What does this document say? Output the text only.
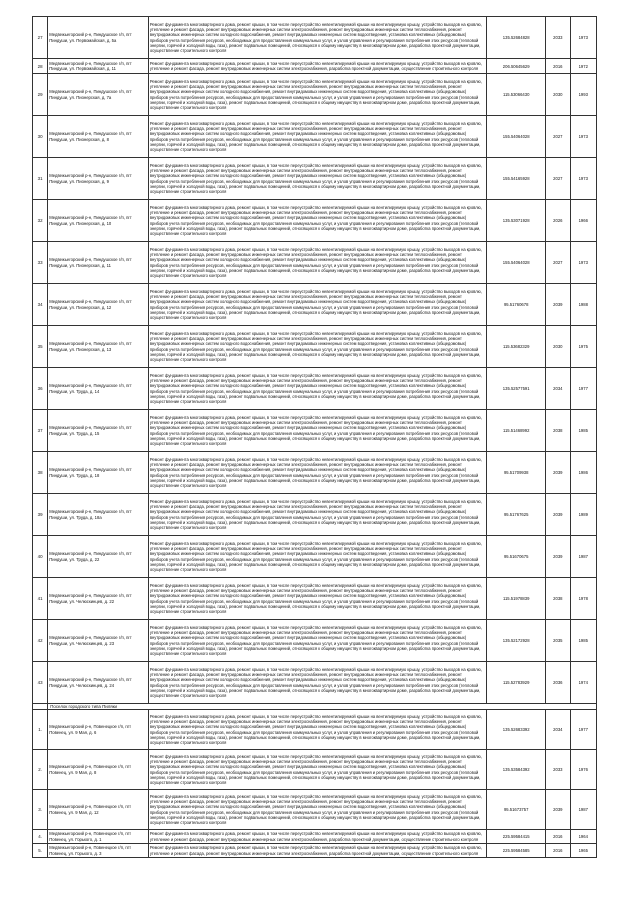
27	Медвежьегорский р-н, Пиндушское г/п, пгт Пиндуши, ул. Первомайская, д. 5а	Ремонт фундамента многоквартирного дома, ремонт крыши, в том числе переустройство невентилируемой крыши на вентилируемую крышу, устройство выходов на кровлю, утепление и ремонт фасада, ремонт внутридомовых инженерных систем электроснабжения, ремонт внутридомовых инженерных систем теплоснабжения, ремонт внутридомовых инженерных систем холодного водоснабжения, ремонт внутридомовых инженерных систем водоотведения, установка коллективных (общедомовых) приборов учета потребления ресурсов, необходимых для предоставления коммунальных услуг, и узлов управления и регулирования потребления этих ресурсов (тепловой энергии, горячей и холодной воды, газа), ремонт подвальных помещений, относящихся к общему имуществу в многоквартирном доме, разработка проектной документации, осуществление строительного контроля	135.52684828	2033	1973
28	Медвежьегорский р-н, Пиндушское г/п, пгт Пиндуши, ул. Первомайская, д. 11	Ремонт фундамента многоквартирного дома, ремонт крыши, в том числе переустройство невентилируемой крыши на вентилируемую крышу, устройство выходов на кровлю, утепление и ремонт фасада, ремонт внутридомовых инженерных систем электроснабжения, разработка проектной документации, осуществление строительного контроля	206.50645629	2016	1972
29	Медвежьегорский р-н, Пиндушское г/п, пгт Пиндуши, ул. Пионерская, д. 7а	Ремонт фундамента многоквартирного дома, ремонт крыши, в том числе переустройство невентилируемой крыши на вентилируемую крышу, устройство выходов на кровлю, утепление и ремонт фасада, ремонт внутридомовых инженерных систем электроснабжения, ремонт внутридомовых инженерных систем теплоснабжения, ремонт внутридомовых инженерных систем холодного водоснабжения, ремонт внутридомовых инженерных систем водоотведения, установка коллективных (общедомовых) приборов учета потребления ресурсов, необходимых для предоставления коммунальных услуг, и узлов управления и регулирования потребления этих ресурсов (тепловой энергии, горячей и холодной воды, газа), ремонт подвальных помещений, относящихся к общему имуществу в многоквартирном доме, разработка проектной документации, осуществление строительного контроля	115.53066430	2030	1993
30	Медвежьегорский р-н, Пиндушское г/п, пгт Пиндуши, ул. Пионерская, д. 8	Ремонт фундамента многоквартирного дома, ремонт крыши, в том числе переустройство невентилируемой крыши на вентилируемую крышу, устройство выходов на кровлю, утепление и ремонт фасада, ремонт внутридомовых инженерных систем электроснабжения, ремонт внутридомовых инженерных систем теплоснабжения, ремонт внутридомовых инженерных систем холодного водоснабжения, ремонт внутридомовых инженерных систем водоотведения, установка коллективных (общедомовых) приборов учета потребления ресурсов, необходимых для предоставления коммунальных услуг, и узлов управления и регулирования потребления этих ресурсов (тепловой энергии, горячей и холодной воды, газа), ремонт подвальных помещений, относящихся к общему имуществу в многоквартирном доме, разработка проектной документации, осуществление строительного контроля	155.54064028	2027	1973
31	Медвежьегорский р-н, Пиндушское г/п, пгт Пиндуши, ул. Пионерская, д. 9	Ремонт фундамента многоквартирного дома, ремонт крыши, в том числе переустройство невентилируемой крыши на вентилируемую крышу, устройство выходов на кровлю, утепление и ремонт фасада, ремонт внутридомовых инженерных систем электроснабжения, ремонт внутридомовых инженерных систем теплоснабжения, ремонт внутридомовых инженерных систем холодного водоснабжения, ремонт внутридомовых инженерных систем водоотведения, установка коллективных (общедомовых) приборов учета потребления ресурсов, необходимых для предоставления коммунальных услуг, и узлов управления и регулирования потребления этих ресурсов (тепловой энергии, горячей и холодной воды, газа), ремонт подвальных помещений, относящихся к общему имуществу в многоквартирном доме, разработка проектной документации, осуществление строительного контроля	155.54165928	2027	1973
32	Медвежьегорский р-н, Пиндушское г/п, пгт Пиндуши, ул. Пионерская, д. 10	Ремонт фундамента многоквартирного дома, ремонт крыши, в том числе переустройство невентилируемой крыши на вентилируемую крышу, устройство выходов на кровлю, утепление и ремонт фасада, ремонт внутридомовых инженерных систем электроснабжения, ремонт внутридомовых инженерных систем теплоснабжения, ремонт внутридомовых инженерных систем холодного водоснабжения, ремонт внутридомовых инженерных систем водоотведения, установка коллективных (общедомовых) приборов учета потребления ресурсов, необходимых для предоставления коммунальных услуг, и узлов управления и регулирования потребления этих ресурсов (тепловой энергии, горячей и холодной воды, газа), ремонт подвальных помещений, относящихся к общему имуществу в многоквартирном доме, разработка проектной документации, осуществление строительного контроля	135.53071928	2026	1966
33	Медвежьегорский р-н, Пиндушское г/п, пгт Пиндуши, ул. Пионерская, д. 11	Ремонт фундамента многоквартирного дома, ремонт крыши, в том числе переустройство невентилируемой крыши на вентилируемую крышу, устройство выходов на кровлю, утепление и ремонт фасада, ремонт внутридомовых инженерных систем электроснабжения, ремонт внутридомовых инженерных систем теплоснабжения, ремонт внутридомовых инженерных систем холодного водоснабжения, ремонт внутридомовых инженерных систем водоотведения, установка коллективных (общедомовых) приборов учета потребления ресурсов, необходимых для предоставления коммунальных услуг, и узлов управления и регулирования потребления этих ресурсов (тепловой энергии, горячей и холодной воды, газа), ремонт подвальных помещений, относящихся к общему имуществу в многоквартирном доме, разработка проектной документации, осуществление строительного контроля	155.54064028	2027	1973
34	Медвежьегорский р-н, Пиндушское г/п, пгт Пиндуши, ул. Пионерская, д. 12	Ремонт фундамента многоквартирного дома, ремонт крыши, в том числе переустройство невентилируемой крыши на вентилируемую крышу, устройство выходов на кровлю, утепление и ремонт фасада, ремонт внутридомовых инженерных систем электроснабжения, ремонт внутридомовых инженерных систем теплоснабжения, ремонт внутридомовых инженерных систем холодного водоснабжения, ремонт внутридомовых инженерных систем водоотведения, установка коллективных (общедомовых) приборов учета потребления ресурсов, необходимых для предоставления коммунальных услуг, и узлов управления и регулирования потребления этих ресурсов (тепловой энергии, горячей и холодной воды, газа), ремонт подвальных помещений, относящихся к общему имуществу в многоквартирном доме, разработка проектной документации, осуществление строительного контроля	95.51760678	2039	1988
35	Медвежьегорский р-н, Пиндушское г/п, пгт Пиндуши, ул. Пионерская, д. 13	Ремонт фундамента многоквартирного дома, ремонт крыши, в том числе переустройство невентилируемой крыши на вентилируемую крышу, устройство выходов на кровлю, утепление и ремонт фасада, ремонт внутридомовых инженерных систем электроснабжения, ремонт внутридомовых инженерных систем теплоснабжения, ремонт внутридомовых инженерных систем холодного водоснабжения, ремонт внутридомовых инженерных систем водоотведения, установка коллективных (общедомовых) приборов учета потребления ресурсов, необходимых для предоставления коммунальных услуг, и узлов управления и регулирования потребления этих ресурсов (тепловой энергии, горячей и холодной воды, газа), ремонт подвальных помещений, относящихся к общему имуществу в многоквартирном доме, разработка проектной документации, осуществление строительного контроля	115.53682329	2030	1975
36	Медвежьегорский р-н, Пиндушское г/п, пгт Пиндуши, ул. Труда, д. 14	Ремонт фундамента многоквартирного дома, ремонт крыши, в том числе переустройство невентилируемой крыши на вентилируемую крышу, устройство выходов на кровлю, утепление и ремонт фасада, ремонт внутридомовых инженерных систем электроснабжения, ремонт внутридомовых инженерных систем теплоснабжения, ремонт внутридомовых инженерных систем холодного водоснабжения, ремонт внутридомовых инженерных систем водоотведения, установка коллективных (общедомовых) приборов учета потребления ресурсов, необходимых для предоставления коммунальных услуг, и узлов управления и регулирования потребления этих ресурсов (тепловой энергии, горячей и холодной воды, газа), ремонт подвальных помещений, относящихся к общему имуществу в многоквартирном доме, разработка проектной документации, осуществление строительного контроля	135.52577591	2034	1977
37	Медвежьегорский р-н, Пиндушское г/п, пгт Пиндуши, ул. Труда, д. 15	Ремонт фундамента многоквартирного дома, ремонт крыши, в том числе переустройство невентилируемой крыши на вентилируемую крышу, устройство выходов на кровлю, утепление и ремонт фасада, ремонт внутридомовых инженерных систем электроснабжения, ремонт внутридомовых инженерных систем теплоснабжения, ремонт внутридомовых инженерных систем холодного водоснабжения, ремонт внутридомовых инженерных систем водоотведения, установка коллективных (общедомовых) приборов учета потребления ресурсов, необходимых для предоставления коммунальных услуг, и узлов управления и регулирования потребления этих ресурсов (тепловой энергии, горячей и холодной воды, газа), ремонт подвальных помещений, относящихся к общему имуществу в многоквартирном доме, разработка проектной документации, осуществление строительного контроля	115.51468992	2038	1985
38	Медвежьегорский р-н, Пиндушское г/п, пгт Пиндуши, ул. Труда, д. 18	Ремонт фундамента многоквартирного дома, ремонт крыши, в том числе переустройство невентилируемой крыши на вентилируемую крышу, устройство выходов на кровлю, утепление и ремонт фасада, ремонт внутридомовых инженерных систем электроснабжения, ремонт внутридомовых инженерных систем теплоснабжения, ремонт внутридомовых инженерных систем холодного водоснабжения, ремонт внутридомовых инженерных систем водоотведения, установка коллективных (общедомовых) приборов учета потребления ресурсов, необходимых для предоставления коммунальных услуг, и узлов управления и регулирования потребления этих ресурсов (тепловой энергии, горячей и холодной воды, газа), ремонт подвальных помещений, относящихся к общему имуществу в многоквартирном доме, разработка проектной документации, осуществление строительного контроля	95.51709938	2039	1986
39	Медвежьегорский р-н, Пиндушское г/п, пгт Пиндуши, ул. Труда, д. 18а	Ремонт фундамента многоквартирного дома, ремонт крыши, в том числе переустройство невентилируемой крыши на вентилируемую крышу, устройство выходов на кровлю, утепление и ремонт фасада, ремонт внутридомовых инженерных систем электроснабжения, ремонт внутридомовых инженерных систем теплоснабжения, ремонт внутридомовых инженерных систем холодного водоснабжения, ремонт внутридомовых инженерных систем водоотведения, установка коллективных (общедомовых) приборов учета потребления ресурсов, необходимых для предоставления коммунальных услуг, и узлов управления и регулирования потребления этих ресурсов (тепловой энергии, горячей и холодной воды, газа), ремонт подвальных помещений, относящихся к общему имуществу в многоквартирном доме, разработка проектной документации, осуществление строительного контроля	95.51767625	2039	1989
40	Медвежьегорский р-н, Пиндушское г/п, пгт Пиндуши, ул. Труда, д. 22	Ремонт фундамента многоквартирного дома, ремонт крыши, в том числе переустройство невентилируемой крыши на вентилируемую крышу, устройство выходов на кровлю, утепление и ремонт фасада, ремонт внутридомовых инженерных систем электроснабжения, ремонт внутридомовых инженерных систем теплоснабжения, ремонт внутридомовых инженерных систем холодного водоснабжения, ремонт внутридомовых инженерных систем водоотведения, установка коллективных (общедомовых) приборов учета потребления ресурсов, необходимых для предоставления коммунальных услуг, и узлов управления и регулирования потребления этих ресурсов (тепловой энергии, горячей и холодной воды, газа), ремонт подвальных помещений, относящихся к общему имуществу в многоквартирном доме, разработка проектной документации, осуществление строительного контроля	95.51670675	2039	1987
41	Медвежьегорский р-н, Пиндушское г/п, пгт Пиндуши, ул. Челюскинцев, д. 22	Ремонт фундамента многоквартирного дома, ремонт крыши, в том числе переустройство невентилируемой крыши на вентилируемую крышу, устройство выходов на кровлю, утепление и ремонт фасада, ремонт внутридомовых инженерных систем электроснабжения, ремонт внутридомовых инженерных систем теплоснабжения, ремонт внутридомовых инженерных систем холодного водоснабжения, ремонт внутридомовых инженерных систем водоотведения, установка коллективных (общедомовых) приборов учета потребления ресурсов, необходимых для предоставления коммунальных услуг, и узлов управления и регулирования потребления этих ресурсов (тепловой энергии, горячей и холодной воды, газа), ремонт подвальных помещений, относящихся к общему имуществу в многоквартирном доме, разработка проектной документации, осуществление строительного контроля	115.51978839	2038	1978
42	Медвежьегорский р-н, Пиндушское г/п, пгт Пиндуши, ул. Челюскинцев, д. 23	Ремонт фундамента многоквартирного дома, ремонт крыши, в том числе переустройство невентилируемой крыши на вентилируемую крышу, устройство выходов на кровлю, утепление и ремонт фасада, ремонт внутридомовых инженерных систем электроснабжения, ремонт внутридомовых инженерных систем теплоснабжения, ремонт внутридомовых инженерных систем холодного водоснабжения, ремонт внутридомовых инженерных систем водоотведения, установка коллективных (общедомовых) приборов учета потребления ресурсов, необходимых для предоставления коммунальных услуг, и узлов управления и регулирования потребления этих ресурсов (тепловой энергии, горячей и холодной воды, газа), ремонт подвальных помещений, относящихся к общему имуществу в многоквартирном доме, разработка проектной документации, осуществление строительного контроля	135.52172928	2035	1985
43	Медвежьегорский р-н, Пиндушское г/п, пгт Пиндуши, ул. Челюскинцев, д. 24	Ремонт фундамента многоквартирного дома, ремонт крыши, в том числе переустройство невентилируемой крыши на вентилируемую крышу, устройство выходов на кровлю, утепление и ремонт фасада, ремонт внутридомовых инженерных систем электроснабжения, ремонт внутридомовых инженерных систем теплоснабжения, ремонт внутридомовых инженерных систем холодного водоснабжения, ремонт внутридомовых инженерных систем водоотведения, установка коллективных (общедомовых) приборов учета потребления ресурсов, необходимых для предоставления коммунальных услуг, и узлов управления и регулирования потребления этих ресурсов (тепловой энергии, горячей и холодной воды, газа), ремонт подвальных помещений, относящихся к общему имуществу в многоквартирном доме, разработка проектной документации, осуществление строительного контроля	115.52783929	2036	1974
	Поселок городского типа Пиляки				
1.	Медвежьегорский р-н, Повенецкое г/п, пгт Повенец, ул. 9 Мая, д. 6	Ремонт фундамента многоквартирного дома, ремонт крыши, в том числе переустройство невентилируемой крыши на вентилируемую крышу, устройство выходов на кровлю, утепление и ремонт фасада, ремонт внутридомовых инженерных систем электроснабжения, ремонт внутридомовых инженерных систем теплоснабжения, ремонт внутридомовых инженерных систем холодного водоснабжения, ремонт внутридомовых инженерных систем водоотведения, установка коллективных (общедомовых) приборов учета потребления ресурсов, необходимых для предоставления коммунальных услуг, и узлов управления и регулирования потребления этих ресурсов (тепловой энергии, горячей и холодной воды, газа), ремонт подвальных помещений, относящихся к общему имуществу в многоквартирном доме, разработка проектной документации, осуществление строительного контроля	135.52683392	2034	1977
2.	Медвежьегорский р-н, Повенецкое г/п, пгт Повенец, ул. 9 Мая, д. 8	Ремонт фундамента многоквартирного дома, ремонт крыши, в том числе переустройство невентилируемой крыши на вентилируемую крышу, устройство выходов на кровлю, утепление и ремонт фасада, ремонт внутридомовых инженерных систем электроснабжения, ремонт внутридомовых инженерных систем теплоснабжения, ремонт внутридомовых инженерных систем холодного водоснабжения, ремонт внутридомовых инженерных систем водоотведения, установка коллективных (общедомовых) приборов учета потребления ресурсов, необходимых для предоставления коммунальных услуг, и узлов управления и регулирования потребления этих ресурсов (тепловой энергии, горячей и холодной воды, газа), ремонт подвальных помещений, относящихся к общему имуществу в многоквартирном доме, разработка проектной документации, осуществление строительного контроля	135.53584392	2033	1976
3.	Медвежьегорский р-н, Повенецкое г/п, пгт Повенец, ул. 9 Мая, д. 12	Ремонт фундамента многоквартирного дома, ремонт крыши, в том числе переустройство невентилируемой крыши на вентилируемую крышу, устройство выходов на кровлю, утепление и ремонт фасада, ремонт внутридомовых инженерных систем электроснабжения, ремонт внутридомовых инженерных систем теплоснабжения, ремонт внутридомовых инженерных систем холодного водоснабжения, ремонт внутридомовых инженерных систем водоотведения, установка коллективных (общедомовых) приборов учета потребления ресурсов, необходимых для предоставления коммунальных услуг, и узлов управления и регулирования потребления этих ресурсов (тепловой энергии, горячей и холодной воды, газа), ремонт подвальных помещений, относящихся к общему имуществу в многоквартирном доме, разработка проектной документации, осуществление строительного контроля	95.51673757	2039	1987
4.	Медвежьегорский р-н, Повенецкое г/п, пгт Повенец, ул. Горького, д. 1	Ремонт фундамента многоквартирного дома, ремонт крыши, в том числе переустройство невентилируемой крыши на вентилируемую крышу, устройство выходов на кровлю, утепление и ремонт фасада, ремонт внутридомовых инженерных систем электроснабжения, разработка проектной документации, осуществление строительного контроля	225.59584415	2016	1964
5.	Медвежьегорский р-н, Повенецкое г/п, пгт Повенец, ул. Горького, д. 3	Ремонт фундамента многоквартирного дома, ремонт крыши, в том числе переустройство невентилируемой крыши на вентилируемую крышу, устройство выходов на кровлю, утепление и ремонт фасада, ремонт внутридомовых инженерных систем электроснабжения, разработка проектной документации, осуществление строительного контроля	225.59584585	2016	1965
